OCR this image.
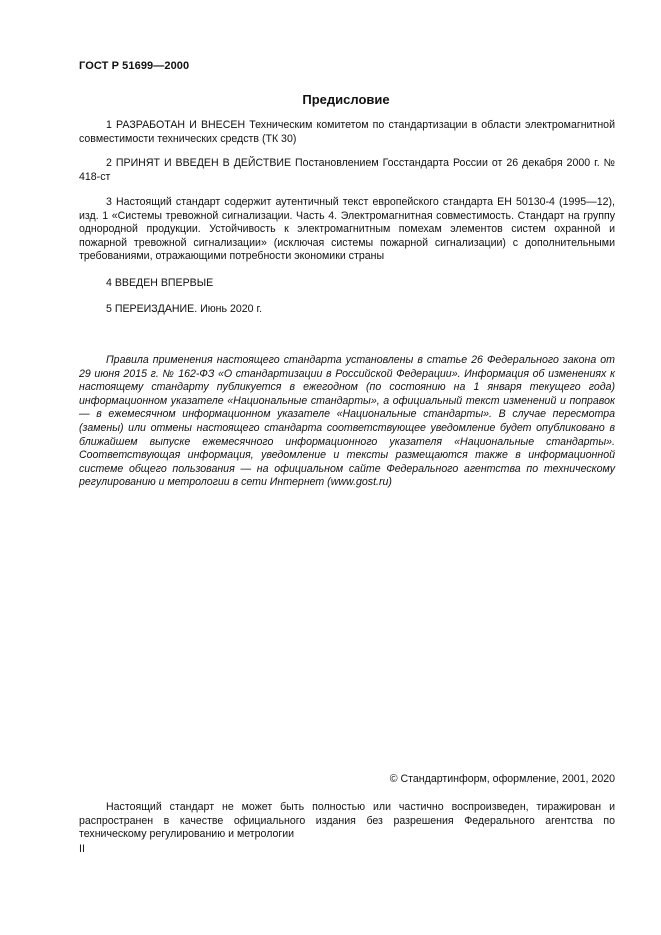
ГОСТ Р 51699—2000
Предисловие

1 РАЗРАБОТАН И ВНЕСЕН Техническим комитетом по стандартизации в области электромагнитной совместимости технических средств (ТК 30)

2 ПРИНЯТ И ВВЕДЕН В ДЕЙСТВИЕ Постановлением Госстандарта России от 26 декабря 2000 г. № 418-ст

3 Настоящий стандарт содержит аутентичный текст европейского стандарта ЕН 50130-4 (1995—12), изд. 1 «Системы тревожной сигнализации. Часть 4. Электромагнитная совместимость. Стандарт на группу однородной продукции. Устойчивость к электромагнитным помехам элементов систем охранной и пожарной тревожной сигнализации» (исключая системы пожарной сигнализации) с дополнительными требованиями, отражающими потребности экономики страны

4 ВВЕДЕН ВПЕРВЫЕ

5 ПЕРЕИЗДАНИЕ. Июнь 2020 г.

Правила применения настоящего стандарта установлены в статье 26 Федерального закона от 29 июня 2015 г. № 162-ФЗ «О стандартизации в Российской Федерации». Информация об изменениях к настоящему стандарту публикуется в ежегодном (по состоянию на 1 января текущего года) информационном указателе «Национальные стандарты», а официальный текст изменений и поправок — в ежемесячном информационном указателе «Национальные стандарты». В случае пересмотра (замены) или отмены настоящего стандарта соответствующее уведомление будет опубликовано в ближайшем выпуске ежемесячного информационного указателя «Национальные стандарты». Соответствующая информация, уведомление и тексты размещаются также в информационной системе общего пользования — на официальном сайте Федерального агентства по техническому регулированию и метрологии в сети Интернет (www.gost.ru)

© Стандартинформ, оформление, 2001, 2020

Настоящий стандарт не может быть полностью или частично воспроизведен, тиражирован и распространен в качестве официального издания без разрешения Федерального агентства по техническому регулированию и метрологии

II
